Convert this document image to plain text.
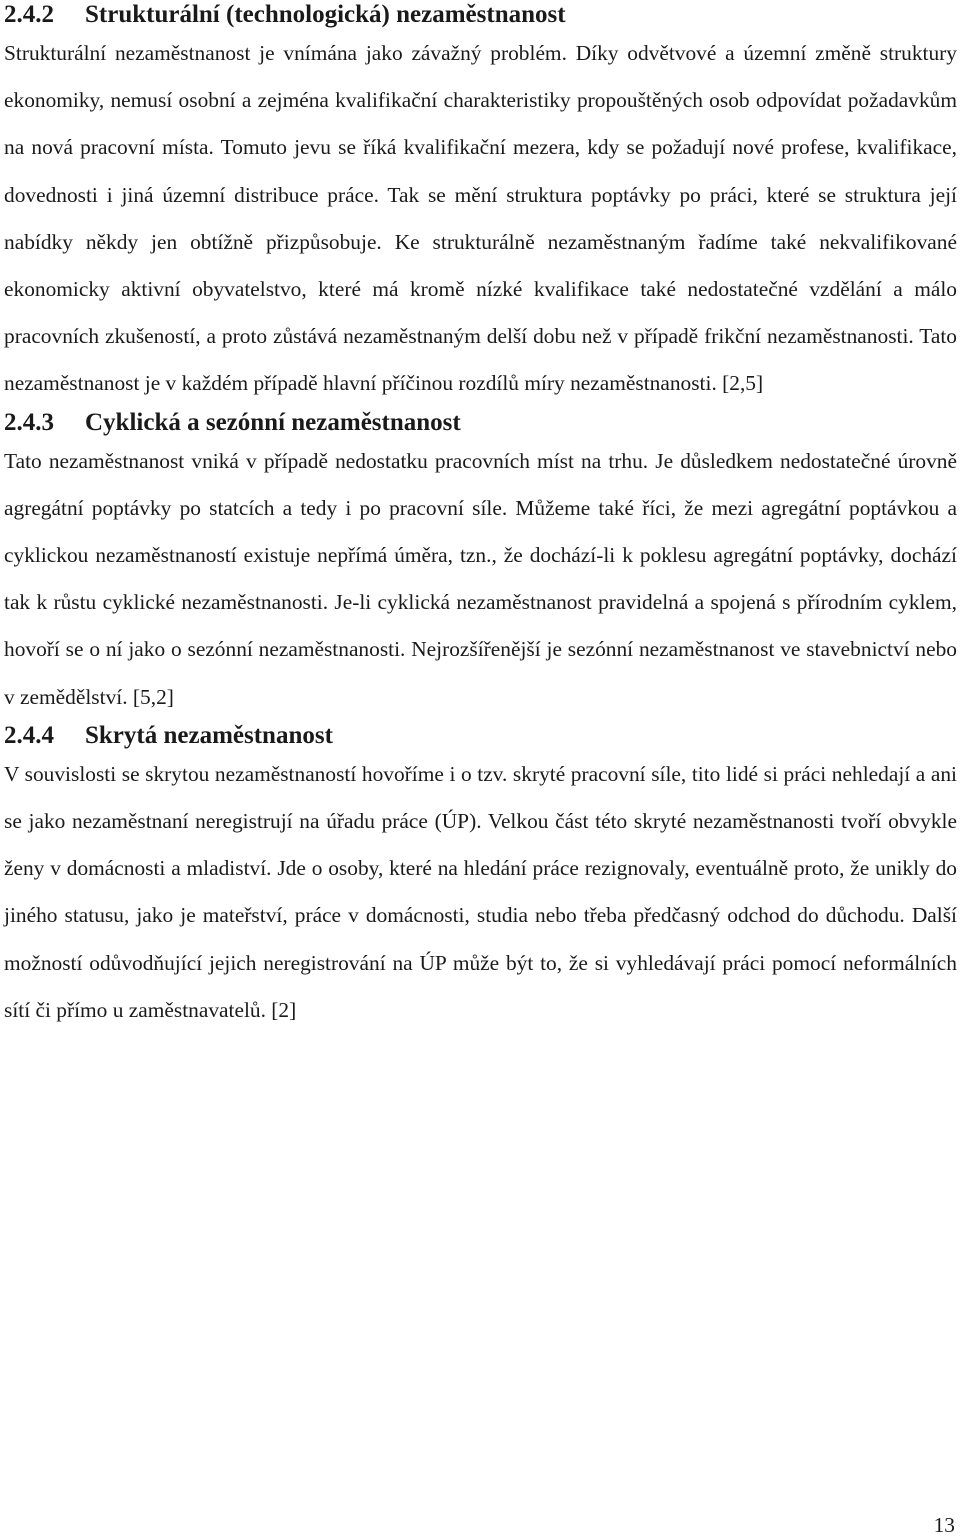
2.4.2 Strukturální (technologická) nezaměstnanost

Strukturální nezaměstnanost je vnímána jako závažný problém. Díky odvětvové a územní změně struktury ekonomiky, nemusí osobní a zejména kvalifikační charakteristiky propouštěných osob odpovídat požadavkům na nová pracovní místa. Tomuto jevu se říká kvalifikační mezera, kdy se požadují nové profese, kvalifikace, dovednosti i jiná územní distribuce práce. Tak se mění struktura poptávky po práci, které se struktura její nabídky někdy jen obtížně přizpůsobuje. Ke strukturálně nezaměstnaným řadíme také nekvalifikované ekonomicky aktivní obyvatelstvo, které má kromě nízké kvalifikace také nedostatečné vzdělání a málo pracovních zkušeností, a proto zůstává nezaměstnaným delší dobu než v případě frikční nezaměstnanosti. Tato nezaměstnanost je v každém případě hlavní příčinou rozdílů míry nezaměstnanosti. [2,5]

2.4.3 Cyklická a sezónní nezaměstnanost

Tato nezaměstnanost vniká v případě nedostatku pracovních míst na trhu. Je důsledkem nedostatečné úrovně agregátní poptávky po statcích a tedy i po pracovní síle. Můžeme také říci, že mezi agregátní poptávkou a cyklickou nezaměstnaností existuje nepřímá úměra, tzn., že dochází-li k poklesu agregátní poptávky, dochází tak k růstu cyklické nezaměstnanosti. Je-li cyklická nezaměstnanost pravidelná a spojená s přírodním cyklem, hovoří se o ní jako o sezónní nezaměstnanosti. Nejrozšířenější je sezónní nezaměstnanost ve stavebnictví nebo v zemědělství. [5,2]

2.4.4 Skrytá nezaměstnanost

V souvislosti se skrytou nezaměstnaností hovoříme i o tzv. skryté pracovní síle, tito lidé si práci nehledají a ani se jako nezaměstnaní neregistrují na úřadu práce (ÚP). Velkou část této skryté nezaměstnanosti tvoří obvykle ženy v domácnosti a mladiství. Jde o osoby, které na hledání práce rezignovaly, eventuálně proto, že unikly do jiného statusu, jako je mateřství, práce v domácnosti, studia nebo třeba předčasný odchod do důchodu. Další možností odůvodňující jejich neregistrování na ÚP může být to, že si vyhledávají práci pomocí neformálních sítí či přímo u zaměstnavatelů. [2]

13
